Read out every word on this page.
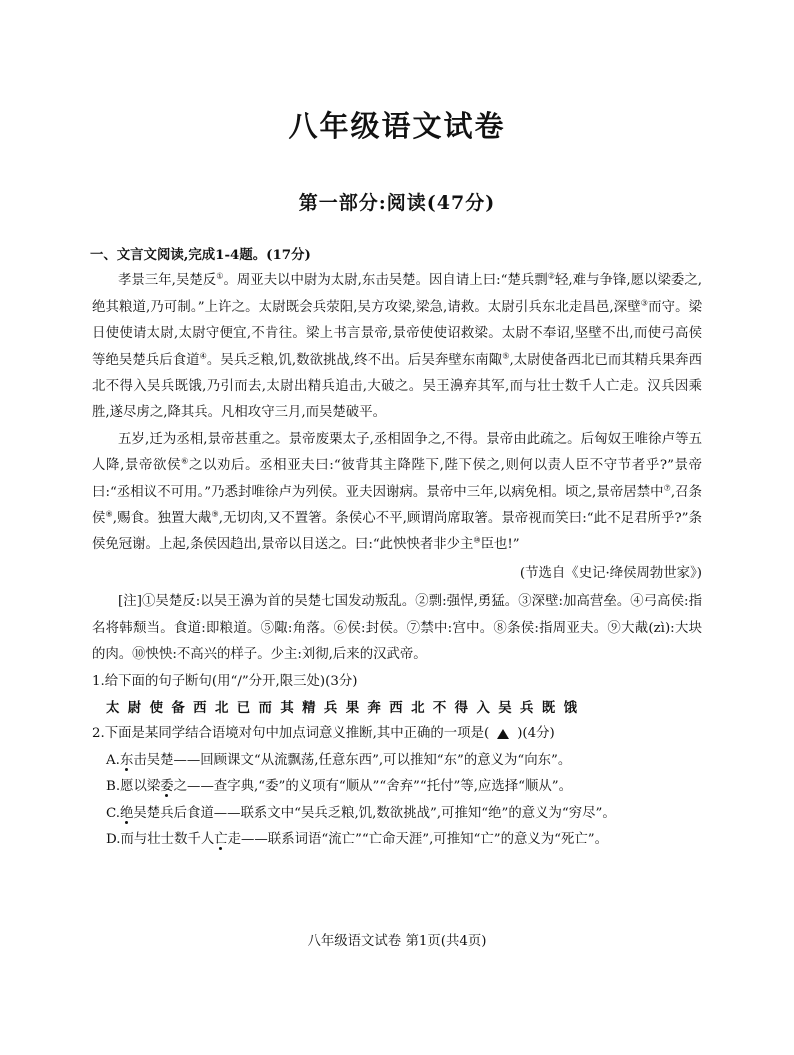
八年级语文试卷
第一部分:阅读(47分)
一、文言文阅读,完成1-4题。(17分)

孝景三年,吴楚反①。周亚夫以中尉为太尉,东击吴楚。因自请上曰:“楚兵剽②轻,难与争锋,愿以梁委之,绝其粮道,乃可制。”上许之。太尉既会兵荥阳,吴方攻梁,梁急,请救。太尉引兵东北走昌邑,深壁③而守。梁日使使请太尉,太尉守便宜,不肯往。梁上书言景帝,景帝使使诏救梁。太尉不奉诏,坚壁不出,而使弓高侯等绝吴楚兵后食道④。吴兵乏粮,饥,数欲挑战,终不出。后吴奔壁东南陬⑤,太尉使备西北已而其精兵果奔西北不得入吴兵既饿,乃引而去,太尉出精兵追击,大破之。吴王濞弃其军,而与壮士数千人亡走。汉兵因乘胜,遂尽虏之,降其兵。凡相攻守三月,而吴楚破平。

五岁,迁为丞相,景帝甚重之。景帝废栗太子,丞相固争之,不得。景帝由此疏之。后匈奴王唯徐卢等五人降,景帝欲侯⑥之以劝后。丞相亚夫曰:“彼背其主降陛下,陛下侯之,则何以责人臣不守节者乎?”景帝曰:“丞相议不可用。”乃悉封唯徐卢为列侯。亚夫因谢病。景帝中三年,以病免相。顷之,景帝居禁中⑦,召条侯⑧,赐食。独置大胾⑨,无切肉,又不置箸。条侯心不平,顾谓尚席取箸。景帝视而笑曰:“此不足君所乎?”条侯免冠谢。上起,条侯因趋出,景帝以目送之。曰:“此怏怏者非少主⑩臣也!”

(节选自《史记·绛侯周勃世家》)

[注]①吴楚反:以吴王濞为首的吴楚七国发动叛乱。②剽:强悍,勇猛。③深壁:加高营垒。④弓高侯:指名将韩颓当。食道:即粮道。⑤陬:角落。⑥侯:封侯。⑦禁中:宫中。⑧条侯:指周亚夫。⑨大胾(zì):大块的肉。⑩怏怏:不高兴的样子。少主:刘彻,后来的汉武帝。

1.给下面的句子断句(用“/”分开,限三处)(3分)

太尉使备西北已而其精兵果奔西北不得入吴兵既饿

2.下面是某同学结合语境对句中加点词意义推断,其中正确的一项是( )(4分)

A.东击吴楚——回顾课文“从流飘荡,任意东西”,可以推知“东”的意义为“向东”。

B.愿以梁委之——查字典,“委”的义项有“顺从”“舍弃”“托付”等,应选择“顺从”。

C.绝吴楚兵后食道——联系文中“吴兵乏粮,饥,数欲挑战”,可推知“绝”的意义为“穷尽”。

D.而与壮士数千人亡走——联系词语“流亡”“亡命天涯”,可推知“亡”的意义为“死亡”。

八年级语文试卷 第1页(共4页)
